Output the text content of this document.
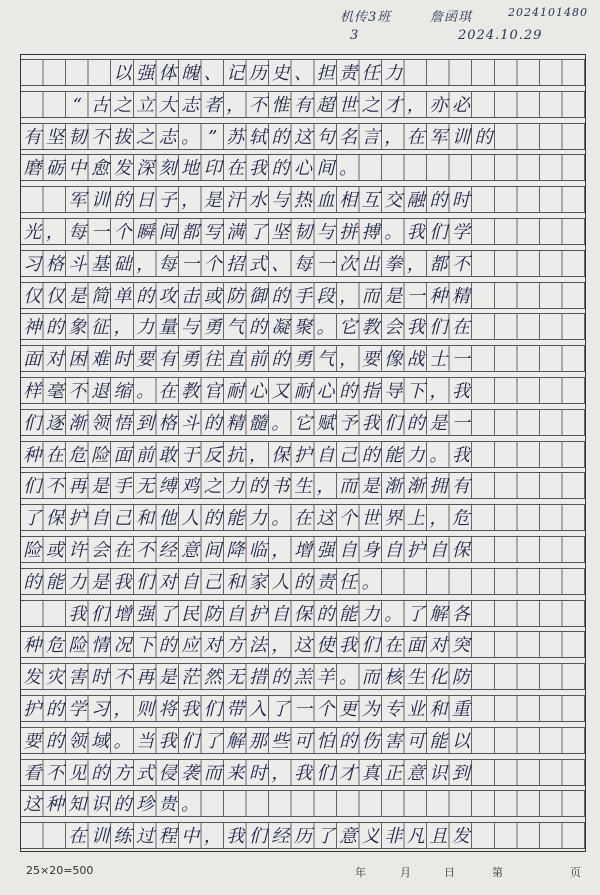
机传3班	詹函琪	2024101480
3	2024.10.29

以 强 体 魄 、 记 历 史 、 担 责 任 力

“ 古 之 立 大 志 者 ， 不 惟 有 超 世 之 才 ， 亦 必
有 坚 韧 不 拔 之 志 。 ” 苏 轼 的 这 句 名 言 ， 在 军 训 的
磨 砺 中 愈 发 深 刻 地 印 在 我 的 心 间 。

军 训 的 日 子 ， 是 汗 水 与 热 血 相 互 交 融 的 时
光 ， 每 一 个 瞬 间 都 写 满 了 坚 韧 与 拼 搏 。 我 们 学
习 格 斗 基 础 ， 每 一 个 招 式 、 每 一 次 出 拳 ， 都 不
仅 仅 是 简 单 的 攻 击 或 防 御 的 手 段 ， 而 是 一 种 精
神 的 象 征 ， 力 量 与 勇 气 的 凝 聚 。 它 教 会 我 们 在
面 对 困 难 时 要 有 勇 往 直 前 的 勇 气 ， 要 像 战 士 一
样 毫 不 退 缩 。 在 教 官 耐 心 又 耐 心 的 指 导 下 ， 我
们 逐 渐 领 悟 到 格 斗 的 精 髓 。 它 赋 予 我 们 的 是 一
种 在 危 险 面 前 敢 于 反 抗 ， 保 护 自 己 的 能 力 。 我
们 不 再 是 手 无 缚 鸡 之 力 的 书 生 ， 而 是 渐 渐 拥 有
了 保 护 自 己 和 他 人 的 能 力 。 在 这 个 世 界 上 ， 危
险 或 许 会 在 不 经 意 间 降 临 ， 增 强 自 身 自 护 自 保
的 能 力 是 我 们 对 自 己 和 家 人 的 责 任 。

我 们 增 强 了 民 防 自 护 自 保 的 能 力 。 了 解 各
种 危 险 情 况 下 的 应 对 方 法 ， 这 使 我 们 在 面 对 突
发 灾 害 时 不 再 是 茫 然 无 措 的 羔 羊 。 而 核 生 化 防
护 的 学 习 ， 则 将 我 们 带 入 了 一 个 更 为 专 业 和 重
要 的 领 域 。 当 我 们 了 解 那 些 可 怕 的 伤 害 可 能 以
看 不 见 的 方 式 侵 袭 而 来 时 ， 我 们 才 真 正 意 识 到
这 种 知 识 的 珍 贵 。

在 训 练 过 程 中 ， 我 们 经 历 了 意 义 非 凡 且 发
25×20=500	年	月	日	第	页
